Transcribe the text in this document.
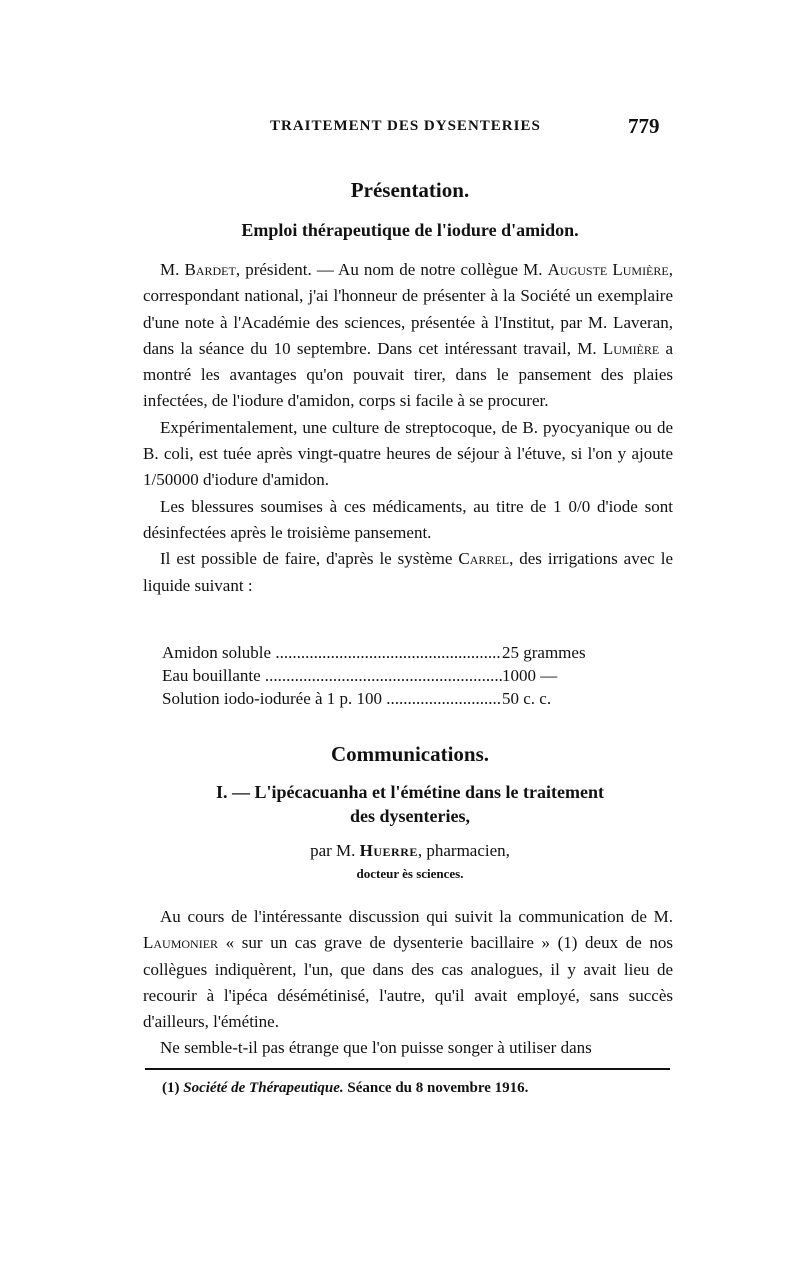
TRAITEMENT DES DYSENTERIES	779
Présentation.
Emploi thérapeutique de l'iodure d'amidon.

 M. Bardet, président. — Au nom de notre collègue M. Auguste Lumière, correspondant national, j'ai l'honneur de présenter à la Société un exemplaire d'une note à l'Académie des sciences, présentée à l'Institut, par M. Laveran, dans la séance du 10 septembre. Dans cet intéressant travail, M. Lumière a montré les avantages qu'on pouvait tirer, dans le pansement des plaies infectées, de l'iodure d'amidon, corps si facile à se procurer.

 Expérimentalement, une culture de streptocoque, de B. pyocyanique ou de B. coli, est tuée après vingt-quatre heures de séjour à l'étuve, si l'on y ajoute 1/50000 d'iodure d'amidon.

 Les blessures soumises à ces médicaments, au titre de 1 0/0 d'iode sont désinfectées après le troisième pansement.

 Il est possible de faire, d'après le système Carrel, des irrigations avec le liquide suivant :

Amidon soluble .....	25 grammes
Eau bouillante .....	1000 —
Solution iodo-iodurée à 1 p. 100 .....	50 c. c.
Communications.
I. — L'ipécacuanha et l'émétine dans le traitement
des dysenteries,
par M. Huerre, pharmacien,
docteur ès sciences.

 Au cours de l'intéressante discussion qui suivit la communication de M. Laumonier « sur un cas grave de dysenterie bacillaire » (1) deux de nos collègues indiquèrent, l'un, que dans des cas analogues, il y avait lieu de recourir à l'ipéca désémétinisé, l'autre, qu'il avait employé, sans succès d'ailleurs, l'émétine.

 Ne semble-t-il pas étrange que l'on puisse songer à utiliser dans

(1) Société de Thérapeutique. Séance du 8 novembre 1916.
